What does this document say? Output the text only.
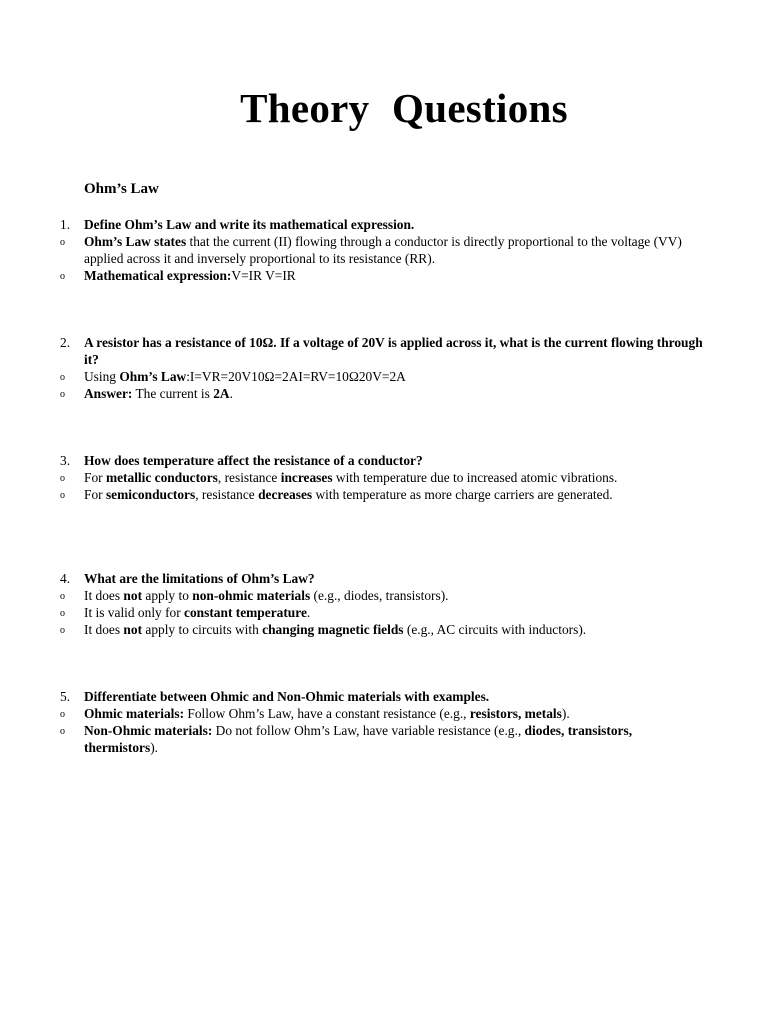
Theory Questions
Ohm’s Law
1.	Define Ohm’s Law and write its mathematical expression.
o Ohm’s Law states that the current (II) flowing through a conductor is directly proportional to the voltage (VV) applied across it and inversely proportional to its resistance (RR).
o Mathematical expression:V=IR V=IR
2.	A resistor has a resistance of 10Ω. If a voltage of 20V is applied across it, what is the current flowing through it?
o Using Ohm’s Law:I=VR=20V10Ω=2AI=RV=10Ω20V=2A
o Answer: The current is 2A.
3.	How does temperature affect the resistance of a conductor?
o For metallic conductors, resistance increases with temperature due to increased atomic vibrations.
o For semiconductors, resistance decreases with temperature as more charge carriers are generated.
4.	What are the limitations of Ohm’s Law?
o It does not apply to non-ohmic materials (e.g., diodes, transistors).
o It is valid only for constant temperature.
o It does not apply to circuits with changing magnetic fields (e.g., AC circuits with inductors).
5.	Differentiate between Ohmic and Non-Ohmic materials with examples.
o Ohmic materials: Follow Ohm’s Law, have a constant resistance (e.g., resistors, metals).
o Non-Ohmic materials: Do not follow Ohm’s Law, have variable resistance (e.g., diodes, transistors, thermistors).
